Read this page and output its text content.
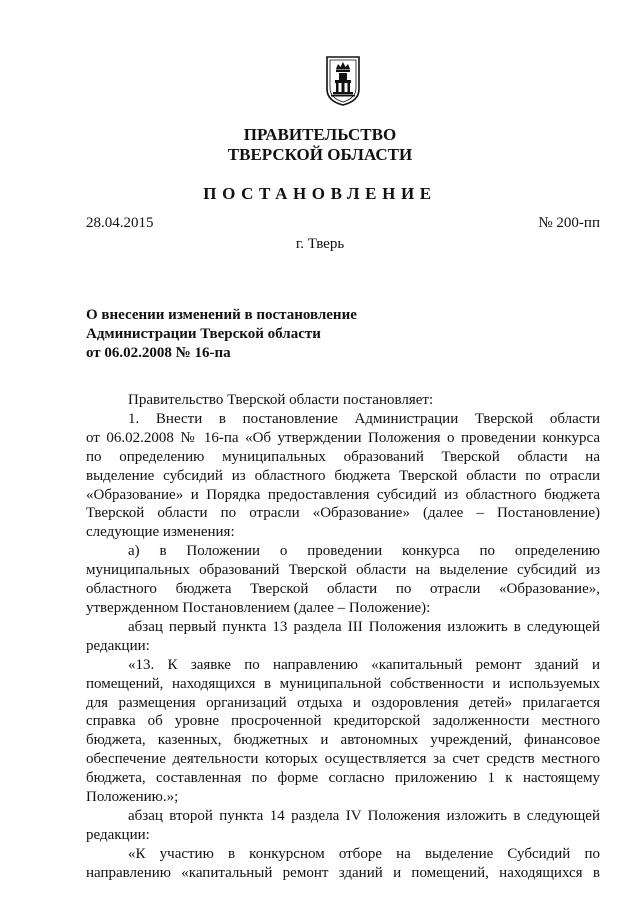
ПРАВИТЕЛЬСТВО
ТВЕРСКОЙ ОБЛАСТИ
ПОСТАНОВЛЕНИЕ
28.04.2015	№ 200-пп
г. Тверь
О внесении изменений в постановление
Администрации Тверской области
от 06.02.2008 № 16-па
Правительство Тверской области постановляет:
1. Внести в постановление Администрации Тверской области
от 06.02.2008 № 16-па «Об утверждении Положения о проведении конкурса
по определению муниципальных образований Тверской области на
выделение субсидий из областного бюджета Тверской области по отрасли
«Образование» и Порядка предоставления субсидий из областного бюджета
Тверской области по отрасли «Образование» (далее – Постановление)
следующие изменения:
а) в Положении о проведении конкурса по определению
муниципальных образований Тверской области на выделение субсидий из
областного бюджета Тверской области по отрасли «Образование»,
утвержденном Постановлением (далее – Положение):
абзац первый пункта 13 раздела III Положения изложить в следующей
редакции:
«13. К заявке по направлению «капитальный ремонт зданий и
помещений, находящихся в муниципальной собственности и используемых
для размещения организаций отдыха и оздоровления детей» прилагается
справка об уровне просроченной кредиторской задолженности местного
бюджета, казенных, бюджетных и автономных учреждений, финансовое
обеспечение деятельности которых осуществляется за счет средств местного
бюджета, составленная по форме согласно приложению 1 к настоящему
Положению.»;
абзац второй пункта 14 раздела IV Положения изложить в следующей
редакции:
«К участию в конкурсном отборе на выделение Субсидий по
направлению «капитальный ремонт зданий и помещений, находящихся в
